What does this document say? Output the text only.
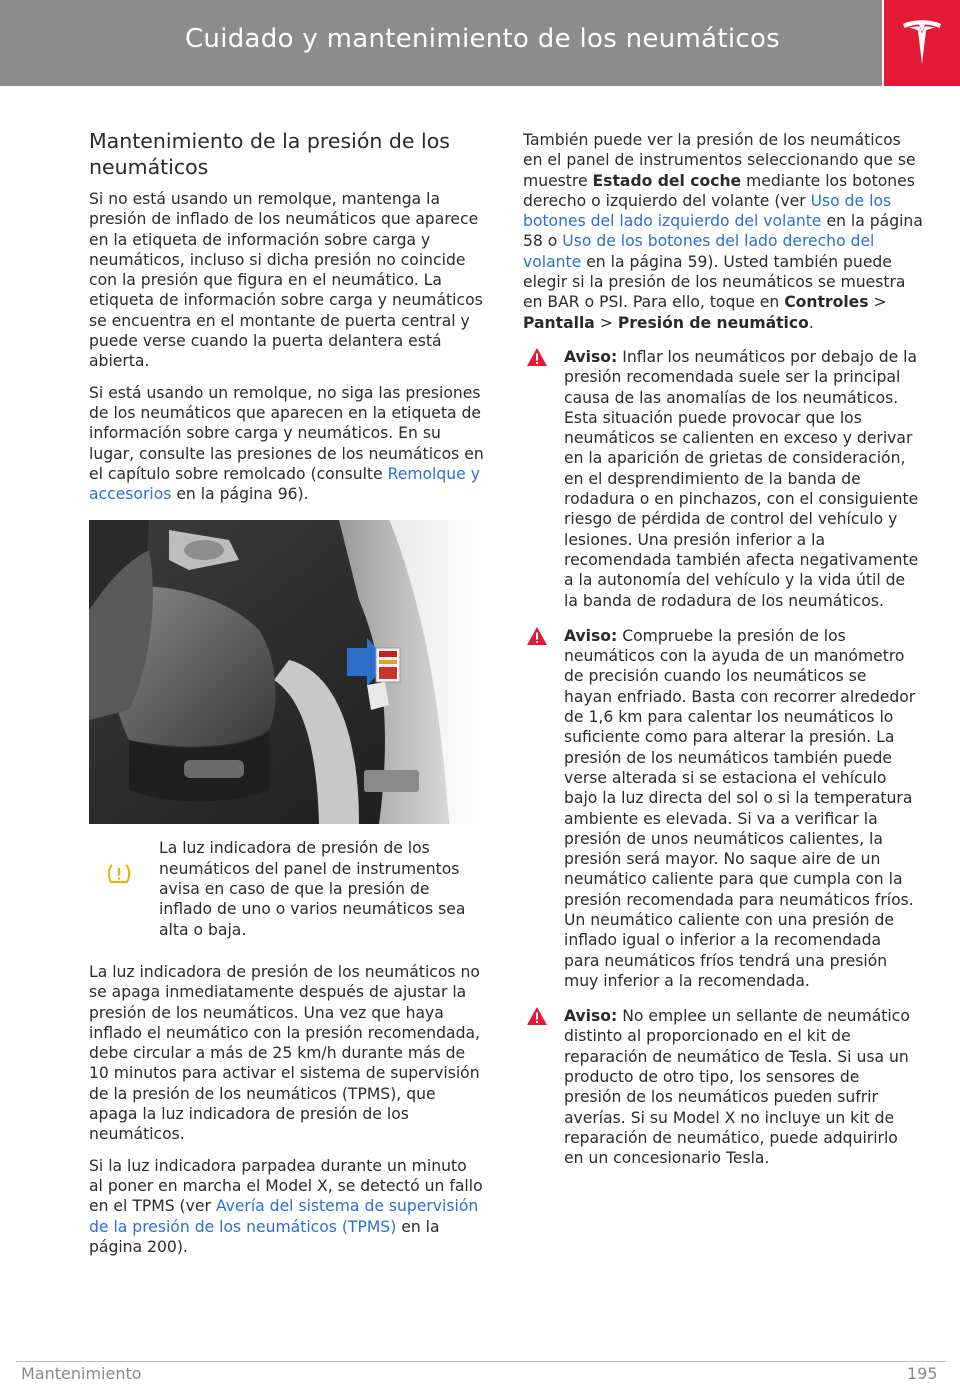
Cuidado y mantenimiento de los neumáticos
Mantenimiento de la presión de los neumáticos

Si no está usando un remolque, mantenga la presión de inflado de los neumáticos que aparece en la etiqueta de información sobre carga y neumáticos, incluso si dicha presión no coincide con la presión que figura en el neumático. La etiqueta de información sobre carga y neumáticos se encuentra en el montante de puerta central y puede verse cuando la puerta delantera está abierta.

Si está usando un remolque, no siga las presiones de los neumáticos que aparecen en la etiqueta de información sobre carga y neumáticos. En su lugar, consulte las presiones de los neumáticos en el capítulo sobre remolcado (consulte Remolque y accesorios en la página 96).

La luz indicadora de presión de los neumáticos del panel de instrumentos avisa en caso de que la presión de inflado de uno o varios neumáticos sea alta o baja.

La luz indicadora de presión de los neumáticos no se apaga inmediatamente después de ajustar la presión de los neumáticos. Una vez que haya inflado el neumático con la presión recomendada, debe circular a más de 25 km/h durante más de 10 minutos para activar el sistema de supervisión de la presión de los neumáticos (TPMS), que apaga la luz indicadora de presión de los neumáticos.

Si la luz indicadora parpadea durante un minuto al poner en marcha el Model X, se detectó un fallo en el TPMS (ver Avería del sistema de supervisión de la presión de los neumáticos (TPMS) en la página 200).

También puede ver la presión de los neumáticos en el panel de instrumentos seleccionando que se muestre Estado del coche mediante los botones derecho o izquierdo del volante (ver Uso de los botones del lado izquierdo del volante en la página 58 o Uso de los botones del lado derecho del volante en la página 59). Usted también puede elegir si la presión de los neumáticos se muestra en BAR o PSI. Para ello, toque en Controles > Pantalla > Presión de neumático.

Aviso: Inflar los neumáticos por debajo de la presión recomendada suele ser la principal causa de las anomalías de los neumáticos. Esta situación puede provocar que los neumáticos se calienten en exceso y derivar en la aparición de grietas de consideración, en el desprendimiento de la banda de rodadura o en pinchazos, con el consiguiente riesgo de pérdida de control del vehículo y lesiones. Una presión inferior a la recomendada también afecta negativamente a la autonomía del vehículo y la vida útil de la banda de rodadura de los neumáticos.
Aviso: Compruebe la presión de los neumáticos con la ayuda de un manómetro de precisión cuando los neumáticos se hayan enfriado. Basta con recorrer alrededor de 1,6 km para calentar los neumáticos lo suficiente como para alterar la presión. La presión de los neumáticos también puede verse alterada si se estaciona el vehículo bajo la luz directa del sol o si la temperatura ambiente es elevada. Si va a verificar la presión de unos neumáticos calientes, la presión será mayor. No saque aire de un neumático caliente para que cumpla con la presión recomendada para neumáticos fríos. Un neumático caliente con una presión de inflado igual o inferior a la recomendada para neumáticos fríos tendrá una presión muy inferior a la recomendada.
Aviso: No emplee un sellante de neumático distinto al proporcionado en el kit de reparación de neumático de Tesla. Si usa un producto de otro tipo, los sensores de presión de los neumáticos pueden sufrir averías. Si su Model X no incluye un kit de reparación de neumático, puede adquirirlo en un concesionario Tesla.
Mantenimiento	195
